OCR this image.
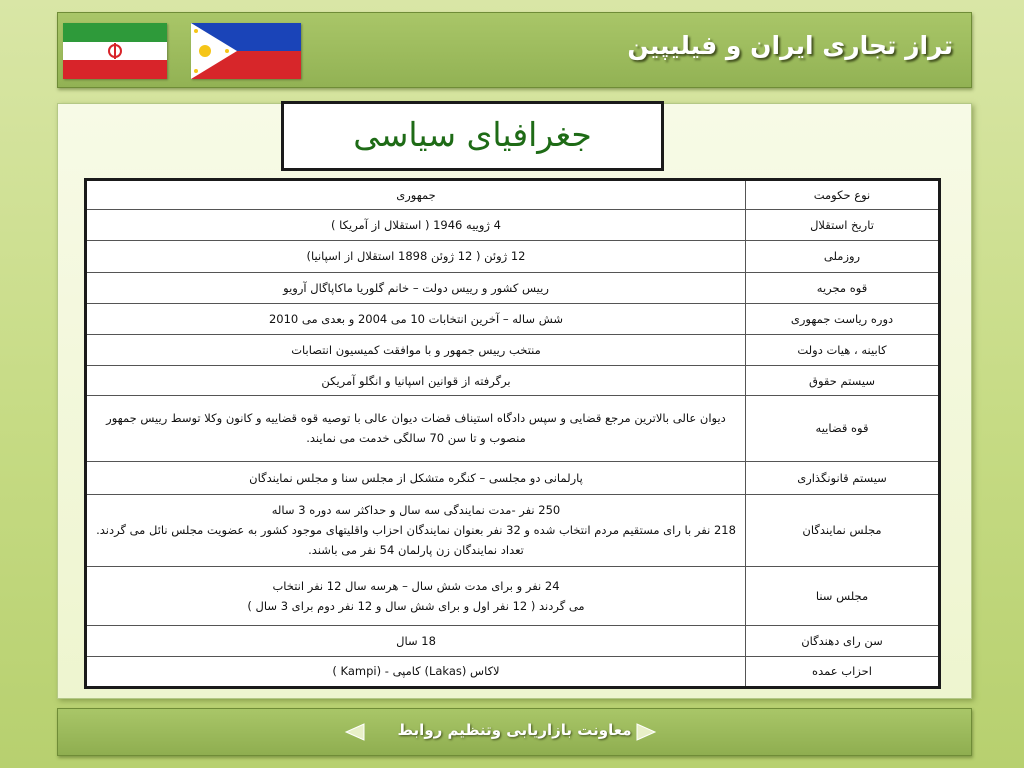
تراز تجاری ایران و فیلیپین
جغرافیای سیاسی
نوع حکومت	جمهوری
تاریخ استقلال	4 ژوییه 1946 ( استقلال از آمریکا )
روزملی	12 ژوئن ( 12 ژوئن 1898 استقلال از اسپانیا)
قوه مجریه	رییس کشور و رییس دولت – خانم گلوریا ماکاپاگال آرویو
دوره ریاست جمهوری	شش ساله – آخرین انتخابات 10 می 2004 و بعدی می 2010
کابینه ، هیات دولت	منتخب رییس جمهور و با موافقت کمیسیون انتصابات
سیستم حقوق	برگرفته از قوانین اسپانیا و انگلو آمریکن
قوه قضاییه	دیوان عالی بالاترین مرجع قضایی و سپس دادگاه استیناف قضات دیوان عالی با توصیه قوه قضاییه و کانون وکلا توسط رییس جمهور
منصوب و تا سن 70 سالگی خدمت می نمایند.
سیستم قانونگذاری	پارلمانی دو مجلسی – کنگره متشکل از مجلس سنا و مجلس نمایندگان
مجلس نمایندگان	250 نفر -مدت نمایندگی سه سال و حداکثر سه دوره 3 ساله
218 نفر با رای مستقیم مردم انتخاب شده و 32 نفر بعنوان نمایندگان احزاب واقلیتهای موجود کشور به عضویت مجلس نائل می گردند.
تعداد نمایندگان زن پارلمان 54 نفر می باشند.
مجلس سنا	24 نفر و برای مدت شش سال – هرسه سال 12 نفر انتخاب
می گردند ( 12 نفر اول و برای شش سال و 12 نفر دوم برای 3 سال )
سن رای دهندگان	18 سال
احزاب عمده	لاکاس (Lakas) کامپی - (Kampi )
معاونت بازاریابی وتنظیم روابط
